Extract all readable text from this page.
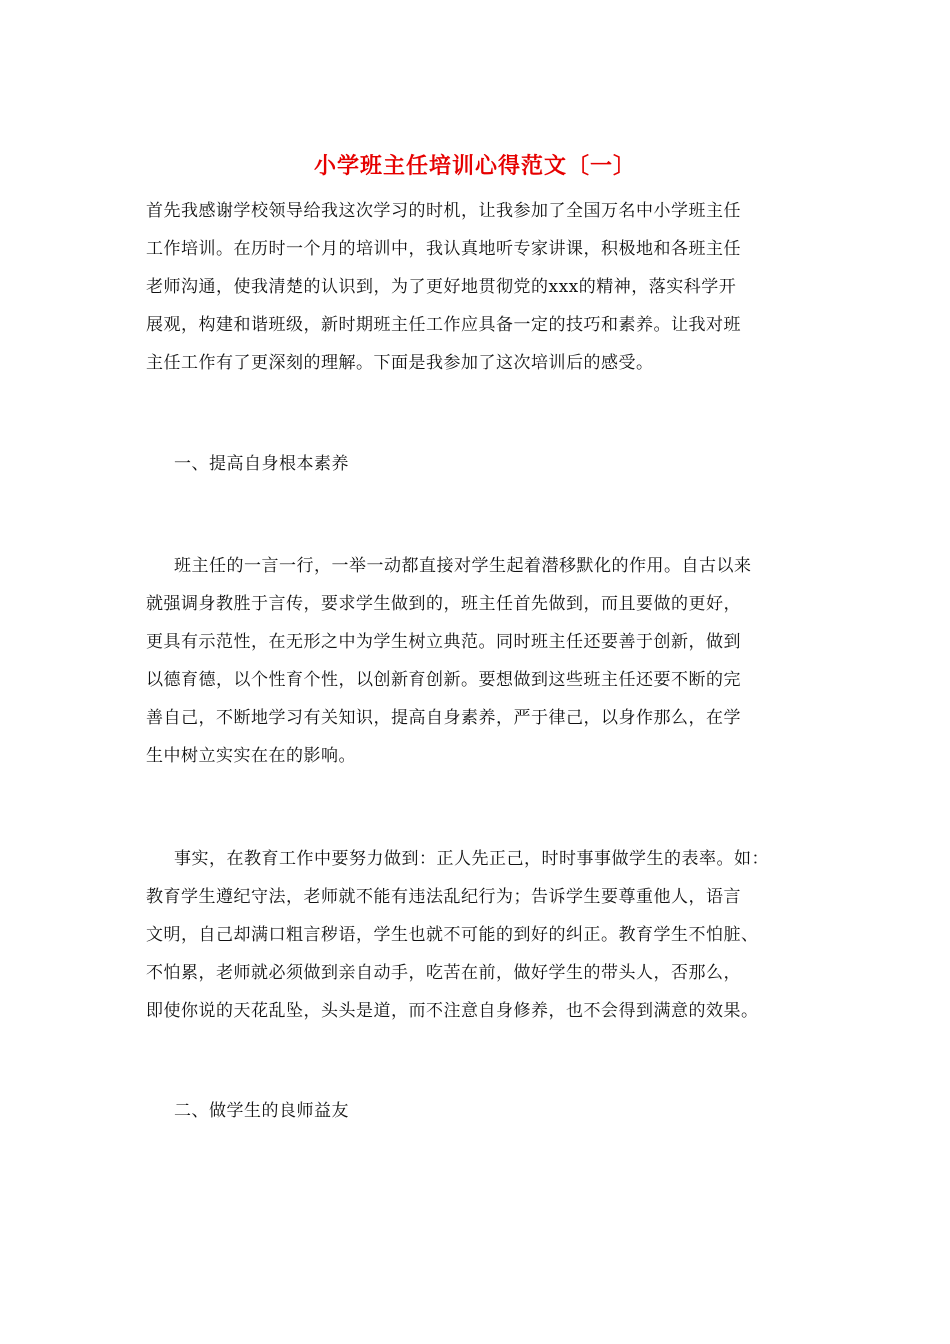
小学班主任培训心得范文〔一〕
首先我感谢学校领导给我这次学习的时机，让我参加了全国万名中小学班主任
工作培训。在历时一个月的培训中，我认真地听专家讲课，积极地和各班主任
老师沟通，使我清楚的认识到，为了更好地贯彻党的xxx的精神，落实科学开
展观，构建和谐班级，新时期班主任工作应具备一定的技巧和素养。让我对班
主任工作有了更深刻的理解。下面是我参加了这次培训后的感受。
一、提高自身根本素养
班主任的一言一行，一举一动都直接对学生起着潜移默化的作用。自古以来
就强调身教胜于言传，要求学生做到的，班主任首先做到，而且要做的更好，
更具有示范性，在无形之中为学生树立典范。同时班主任还要善于创新，做到
以德育德，以个性育个性，以创新育创新。要想做到这些班主任还要不断的完
善自己，不断地学习有关知识，提高自身素养，严于律己，以身作那么，在学
生中树立实实在在的影响。
事实，在教育工作中要努力做到：正人先正己，时时事事做学生的表率。如：
教育学生遵纪守法，老师就不能有违法乱纪行为；告诉学生要尊重他人，语言
文明，自己却满口粗言秽语，学生也就不可能的到好的纠正。教育学生不怕脏、
不怕累，老师就必须做到亲自动手，吃苦在前，做好学生的带头人，否那么，
即使你说的天花乱坠，头头是道，而不注意自身修养，也不会得到满意的效果。
二、做学生的良师益友
